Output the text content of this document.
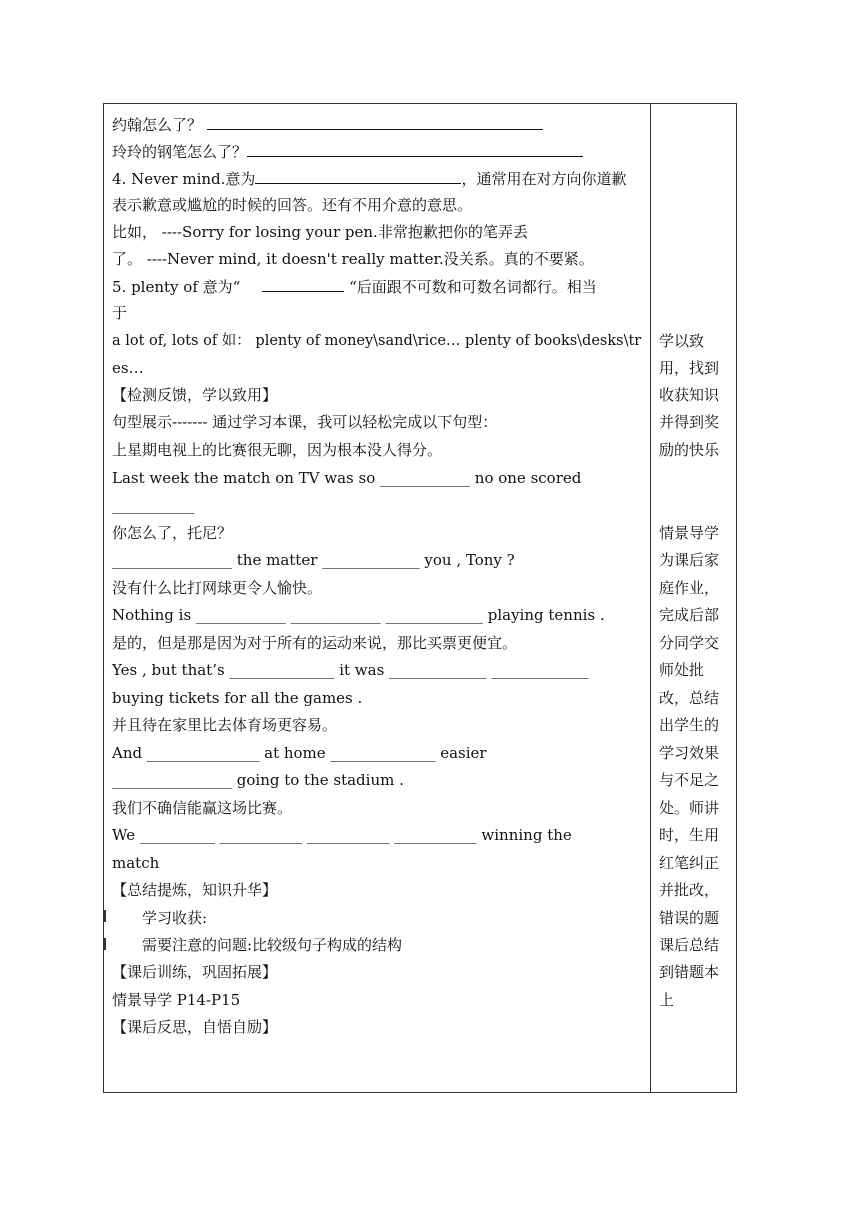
约翰怎么了？
玲玲的钢笔怎么了？
4. Never mind.意为	，通常用在对方向你道歉
表示歉意或尴尬的时候的回答。还有不用介意的意思。
比如， ----Sorry for losing your pen.非常抱歉把你的笔弄丢
了。 ----Never mind, it doesn't really matter.没关系。真的不要紧。
5. plenty of 意为“	“后面跟不可数和可数名词都行。相当
于
a lot of, lots of 如： plenty of money\sand\rice… plenty of books\desks\tr
es…
【检测反馈，学以致用】
句型展示------- 通过学习本课，我可以轻松完成以下句型：
上星期电视上的比赛很无聊，因为根本没人得分。
Last week the match on TV was so ____________ no one scored
___________
你怎么了，托尼？
________________ the matter _____________ you , Tony ?
没有什么比打网球更令人愉快。
Nothing is ____________ ____________ _____________ playing tennis .
是的，但是那是因为对于所有的运动来说，那比买票更便宜。
Yes , but that’s ______________ it was _____________ _____________
buying tickets for all the games .
并且待在家里比去体育场更容易。
And _______________ at home ______________ easier
________________ going to the stadium .
我们不确信能赢这场比赛。
We __________ ___________ ___________ ___________ winning the
match
【总结提炼，知识升华】
学习收获:
需要注意的问题:比较级句子构成的结构
【课后训练，巩固拓展】
情景导学 P14-P15
【课后反思，自悟自励】
学以致
用，找到
收获知识
并得到奖
励的快乐
情景导学
为课后家
庭作业，
完成后部
分同学交
师处批
改，总结
出学生的
学习效果
与不足之
处。师讲
时，生用
红笔纠正
并批改，
错误的题
课后总结
到错题本
上
